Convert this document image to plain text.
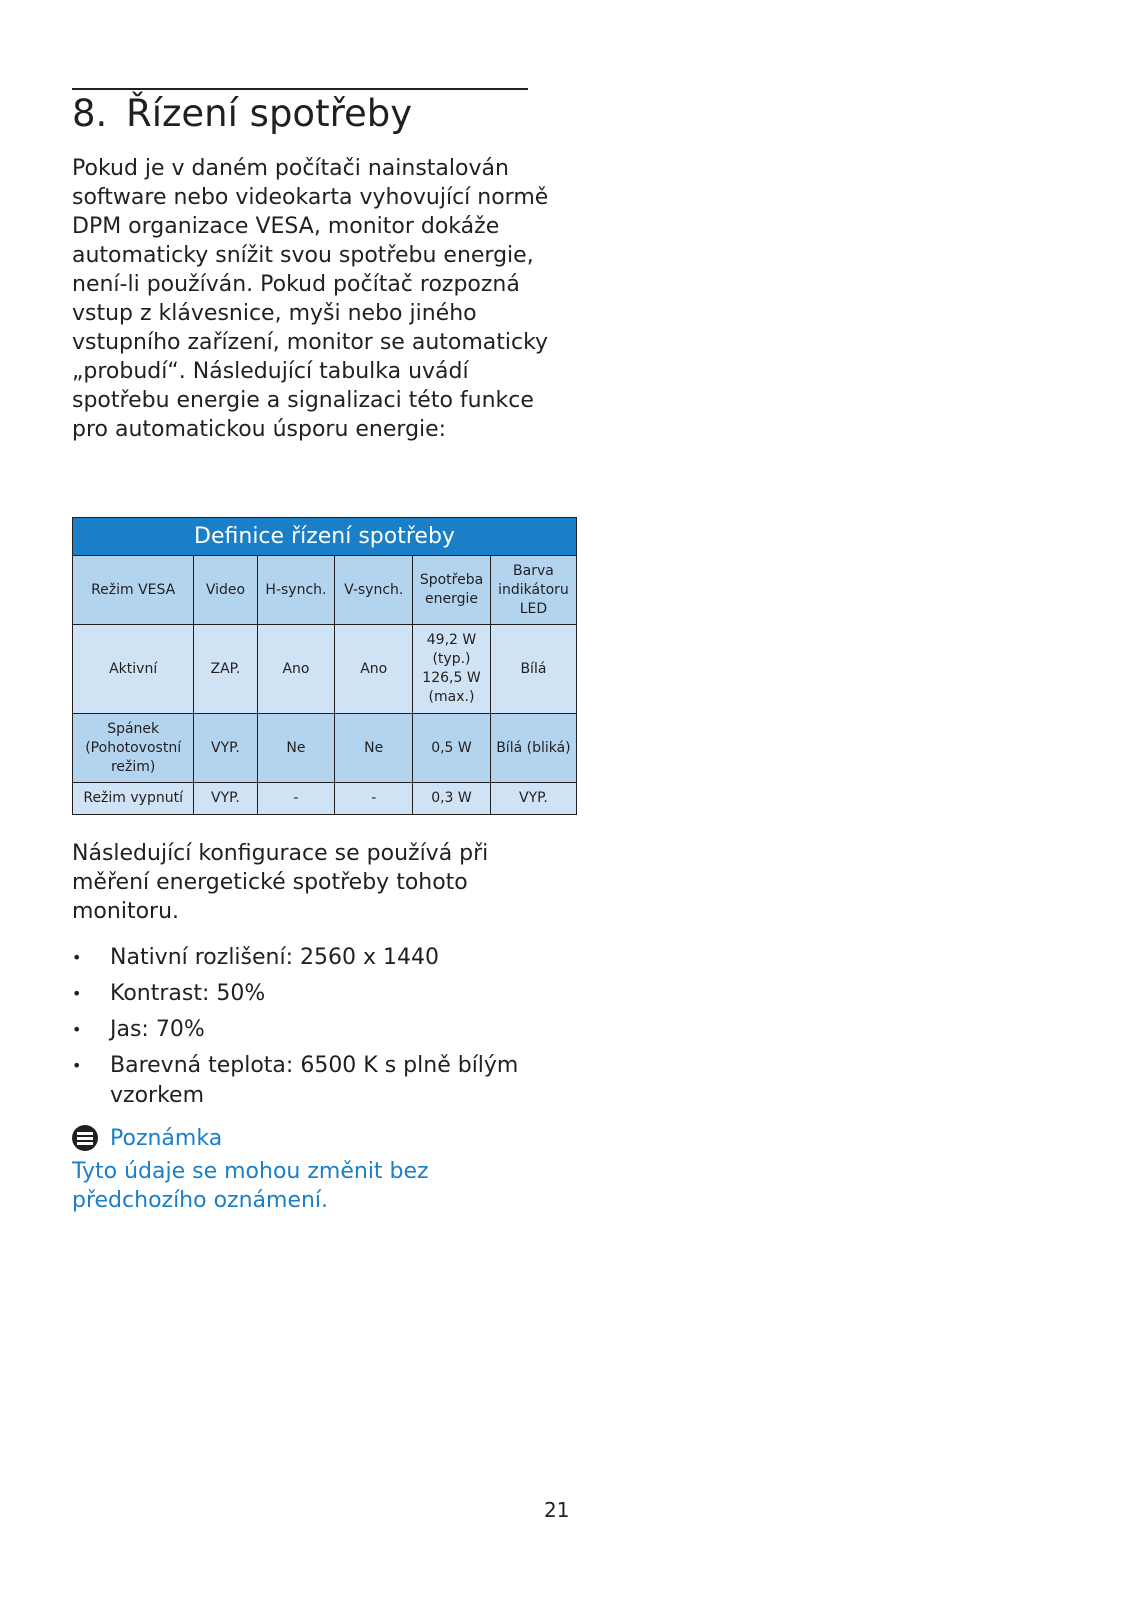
8. Řízení spotřeby

Pokud je v daném počítači nainstalován software nebo videokarta vyhovující normě DPM organizace VESA, monitor dokáže automaticky snížit svou spotřebu energie, není-li používán. Pokud počítač rozpozná vstup z klávesnice, myši nebo jiného vstupního zařízení, monitor se automaticky „probudí“. Následující tabulka uvádí spotřebu energie a signalizaci této funkce pro automatickou úsporu energie:

Definice řízení spotřeby					
Režim VESA	Video	H-synch.	V-synch.	Spotřeba energie	Barva indikátoru LED
Aktivní	ZAP.	Ano	Ano	49,2 W (typ.) 126,5 W (max.)	Bílá
Spánek (Pohotovostní režim)	VYP.	Ne	Ne	0,5 W	Bílá (bliká)
Režim vypnutí	VYP.	-	-	0,3 W	VYP.

Následující konfigurace se používá při měření energetické spotřeby tohoto monitoru.

• Nativní rozlišení: 2560 x 1440
• Kontrast: 50%
• Jas: 70%
• Barevná teplota: 6500 K s plně bílým vzorkem
Poznámka

Tyto údaje se mohou změnit bez předchozího oznámení.

21
